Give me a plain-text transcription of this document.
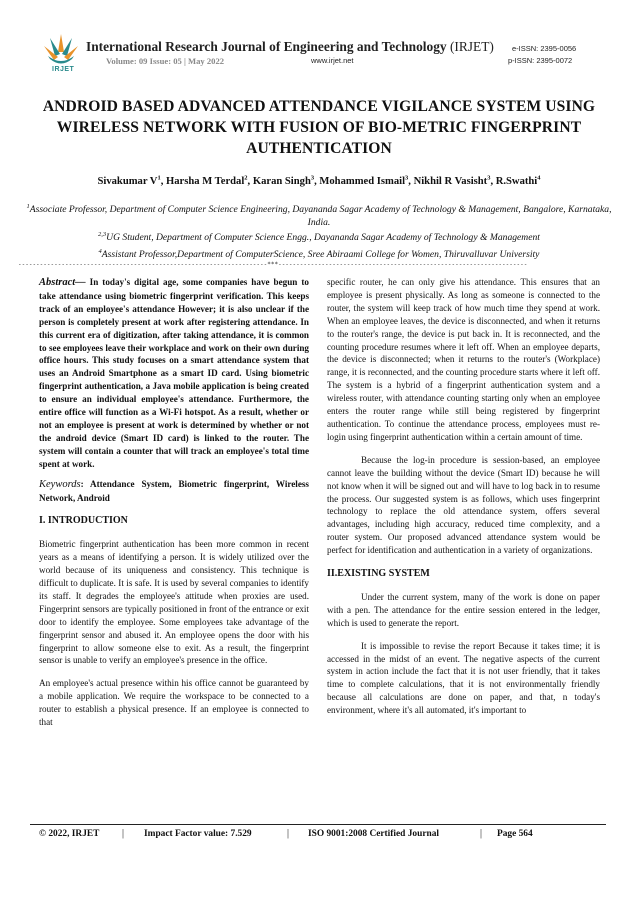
IRJET
International Research Journal of Engineering and Technology (IRJET) e-ISSN: 2395-0056
Volume: 09 Issue: 05 | May 2022	www.irjet.net	p-ISSN: 2395-0072
ANDROID BASED ADVANCED ATTENDANCE VIGILANCE SYSTEM USING WIRELESS NETWORK WITH FUSION OF BIO-METRIC FINGERPRINT AUTHENTICATION
Sivakumar $V^1$, Harsha M Terdal$^2$, Karan Singh$^3$, Mohammed Ismail$^3$, Nikhil R Vasisht$^3$, R.Swathi$^4$
$^1$Associate Professor, Department of Computer Science Engineering, Dayananda Sagar Academy of Technology & Management, Bangalore, Karnataka, India.
$^{2,3}$UG Student, Department of Computer Science Engg., Dayananda Sagar Academy of Technology & Management
$^4$Assistant Professor,Department of ComputerScience, Sree Abiraami College for Women, Thiruvalluvar University
---------------------------------------------------------------------***---------------------------------------------------------------------

Abstract— In today's digital age, some companies have begun to take attendance using biometric fingerprint verification. This keeps track of an employee's attendance However; it is also unclear if the person is completely present at work after registering attendance. In this current era of digitization, after taking attendance, it is common to see employees leave their workplace and work on their own during office hours. This study focuses on a smart attendance system that uses an Android Smartphone as a smart ID card. Using biometric fingerprint authentication, a Java mobile application is being created to ensure an individual employee's attendance. Furthermore, the entire office will function as a Wi-Fi hotspot. As a result, whether or not an employee is present at work is determined by whether or not the android device (Smart ID card) is linked to the router. The system will contain a counter that will track an employee's total time spent at work.

Keywords: Attendance System, Biometric fingerprint, Wireless Network, Android

I. INTRODUCTION

Biometric fingerprint authentication has been more common in recent years as a means of identifying a person. It is widely utilized over the world because of its uniqueness and consistency. This technique is difficult to duplicate. It is safe. It is used by several companies to identify its staff. It degrades the employee's attitude when proxies are used. Fingerprint sensors are typically positioned in front of the entrance or exit door to identify the employee. Some employees take advantage of the fingerprint sensor and abused it. An employee opens the door with his fingerprint to allow someone else to exit. As a result, the fingerprint sensor is unable to verify an employee's presence in the office.

An employee's actual presence within his office cannot be guaranteed by a mobile application. We require the workspace to be connected to a router to establish a physical presence. If an employee is connected to that

specific router, he can only give his attendance. This ensures that an employee is present physically. As long as someone is connected to the router, the system will keep track of how much time they spend at work. When an employee leaves, the device is disconnected, and when it returns to the router's range, the device is put back in. It is reconnected, and the counting procedure resumes where it left off. When an employee departs, the device is disconnected; when it returns to the router's (Workplace) range, it is reconnected, and the counting procedure starts where it left off. The system is a hybrid of a fingerprint authentication system and a wireless router, with attendance counting starting only when an employee enters the router range while still being registered by fingerprint authentication. To continue the attendance process, employees must re-login using fingerprint authentication within a certain amount of time.

Because the log-in procedure is session-based, an employee cannot leave the building without the device (Smart ID) because he will not know when it will be signed out and will have to log back in to resume the process. Our suggested system is as follows, which uses fingerprint technology to replace the old attendance system, offers several advantages, including high accuracy, reduced time complexity, and a router system. Our proposed advanced attendance system would be perfect for identification and authentication in a variety of organizations.

II.EXISTING SYSTEM

Under the current system, many of the work is done on paper with a pen. The attendance for the entire session entered in the ledger, which is used to generate the report.

It is impossible to revise the report Because it takes time; it is accessed in the midst of an event. The negative aspects of the current system in action include the fact that it is not user friendly, that it takes time to complete calculations, that it is not environmentally friendly because all calculations are done on paper, and that, n today's environment, where it's all automated, it's important to

© 2022, IRJET | Impact Factor value: 7.529	| ISO 9001:2008 Certified Journal	| Page 564
